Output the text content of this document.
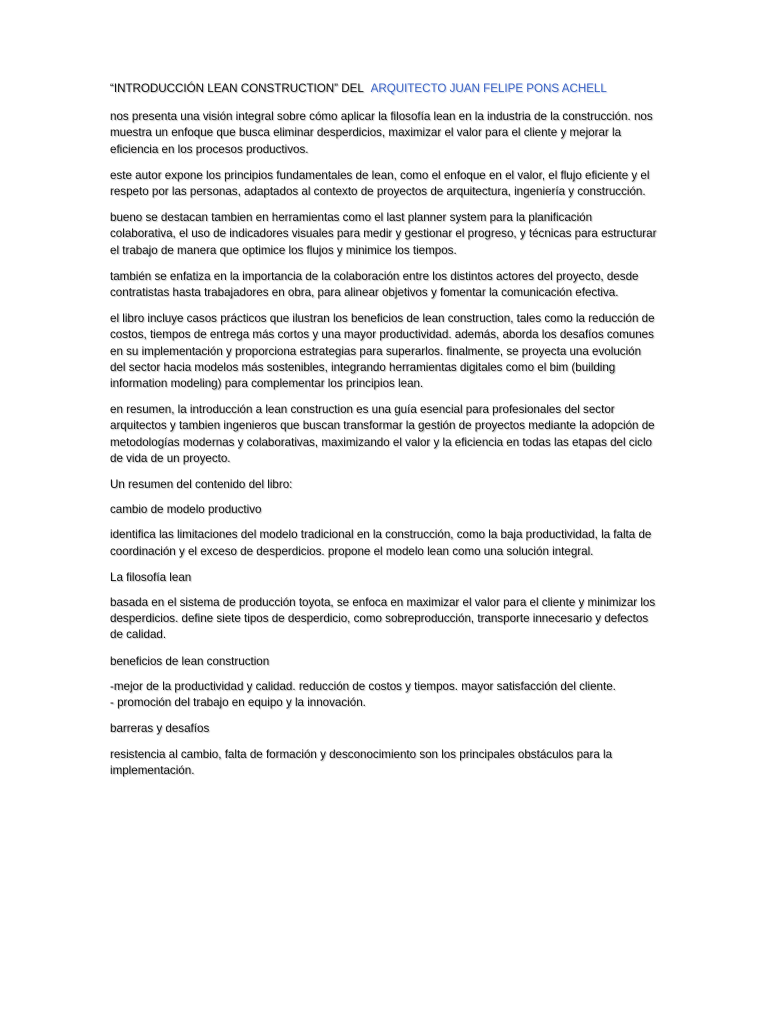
“INTRODUCCIÓN LEAN CONSTRUCTION” DEL ARQUITECTO JUAN FELIPE PONS ACHELL

nos presenta una visión integral sobre cómo aplicar la filosofía lean en la industria de la construcción. nos muestra un enfoque que busca eliminar desperdicios, maximizar el valor para el cliente y mejorar la eficiencia en los procesos productivos.

este autor expone los principios fundamentales de lean, como el enfoque en el valor, el flujo eficiente y el respeto por las personas, adaptados al contexto de proyectos de arquitectura, ingeniería y construcción.

bueno se destacan tambien en herramientas como el last planner system para la planificación colaborativa, el uso de indicadores visuales para medir y gestionar el progreso, y técnicas para estructurar el trabajo de manera que optimice los flujos y minimice los tiempos.

también se enfatiza en la importancia de la colaboración entre los distintos actores del proyecto, desde contratistas hasta trabajadores en obra, para alinear objetivos y fomentar la comunicación efectiva.

el libro incluye casos prácticos que ilustran los beneficios de lean construction, tales como la reducción de costos, tiempos de entrega más cortos y una mayor productividad. además, aborda los desafíos comunes en su implementación y proporciona estrategias para superarlos. finalmente, se proyecta una evolución del sector hacia modelos más sostenibles, integrando herramientas digitales como el bim (building information modeling) para complementar los principios lean.

en resumen, la introducción a lean construction es una guía esencial para profesionales del sector arquitectos y tambien ingenieros que buscan transformar la gestión de proyectos mediante la adopción de metodologías modernas y colaborativas, maximizando el valor y la eficiencia en todas las etapas del ciclo de vida de un proyecto.

Un resumen del contenido del libro:

cambio de modelo productivo

identifica las limitaciones del modelo tradicional en la construcción, como la baja productividad, la falta de coordinación y el exceso de desperdicios. propone el modelo lean como una solución integral.

La filosofía lean

basada en el sistema de producción toyota, se enfoca en maximizar el valor para el cliente y minimizar los desperdicios. define siete tipos de desperdicio, como sobreproducción, transporte innecesario y defectos de calidad.

beneficios de lean construction

-mejor de la productividad y calidad. reducción de costos y tiempos. mayor satisfacción del cliente.
- promoción del trabajo en equipo y la innovación.

barreras y desafíos

resistencia al cambio, falta de formación y desconocimiento son los principales obstáculos para la implementación.
